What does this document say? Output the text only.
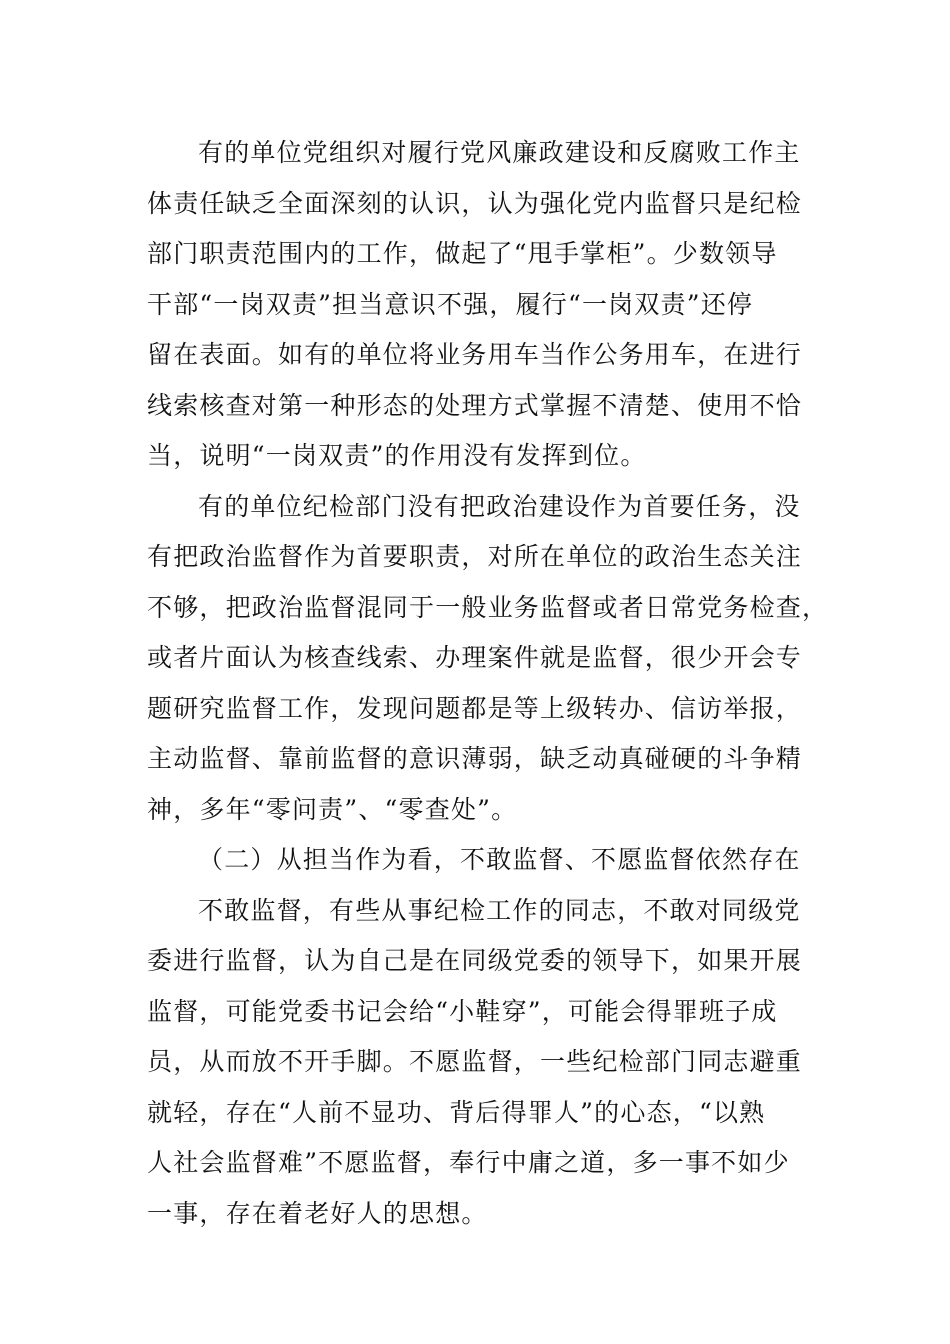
有的单位党组织对履行党风廉政建设和反腐败工作主
体责任缺乏全面深刻的认识，认为强化党内监督只是纪检
部门职责范围内的工作，做起了“甩手掌柜”。少数领导
干部“一岗双责”担当意识不强，履行“一岗双责”还停
留在表面。如有的单位将业务用车当作公务用车，在进行
线索核查对第一种形态的处理方式掌握不清楚、使用不恰
当，说明“一岗双责”的作用没有发挥到位。
有的单位纪检部门没有把政治建设作为首要任务，没
有把政治监督作为首要职责，对所在单位的政治生态关注
不够，把政治监督混同于一般业务监督或者日常党务检查，
或者片面认为核查线索、办理案件就是监督，很少开会专
题研究监督工作，发现问题都是等上级转办、信访举报，
主动监督、靠前监督的意识薄弱，缺乏动真碰硬的斗争精
神，多年“零问责”、“零查处”。
（二）从担当作为看，不敢监督、不愿监督依然存在
不敢监督，有些从事纪检工作的同志，不敢对同级党
委进行监督，认为自己是在同级党委的领导下，如果开展
监督，可能党委书记会给“小鞋穿”，可能会得罪班子成
员，从而放不开手脚。不愿监督，一些纪检部门同志避重
就轻，存在“人前不显功、背后得罪人”的心态，“以熟
人社会监督难”不愿监督，奉行中庸之道，多一事不如少
一事，存在着老好人的思想。
